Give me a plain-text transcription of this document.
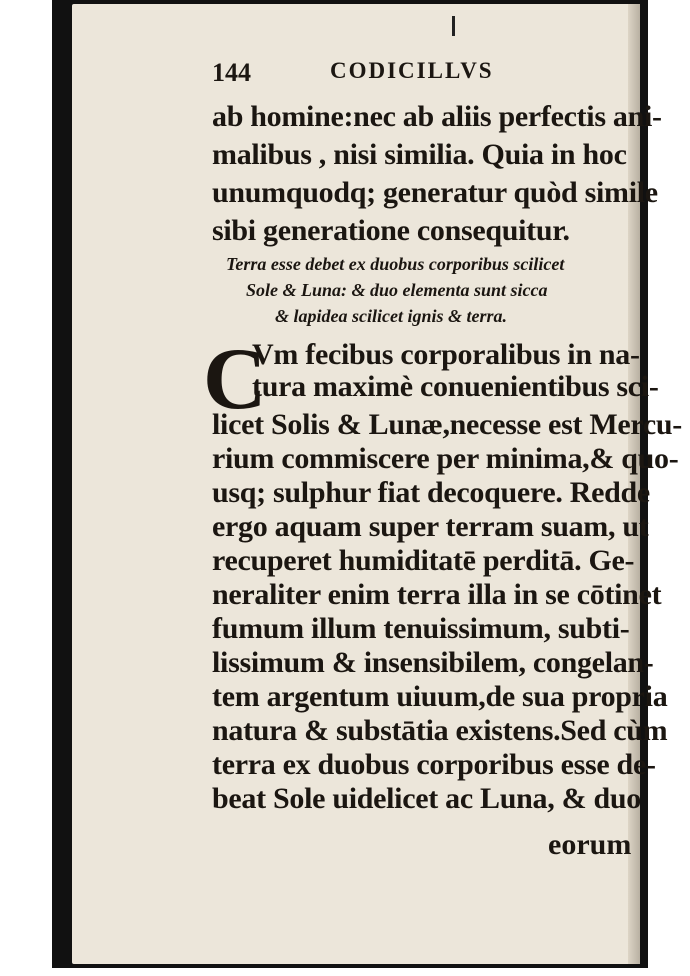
144	CODICILLVS
ab homine:nec ab aliis perfectis ani-
malibus , nisi similia. Quia in hoc
unumquodq; generatur quòd simile
sibi generatione consequitur.
Terra esse debet ex duobus corporibus scilicet
Sole & Luna: & duo elementa sunt sicca
& lapidea scilicet ignis & terra.
C
Vm fecibus corporalibus in na-
tura maximè conuenientibus sci-
licet Solis & Lunæ,necesse est Mercu-
rium commiscere per minima,& quo-
usq; sulphur fiat decoquere. Redde
ergo aquam super terram suam, ut
recuperet humiditatē perditā. Ge-
neraliter enim terra illa in se cōtinet
fumum illum tenuissimum, subti-
lissimum & insensibilem, congelan-
tem argentum uiuum,de sua propria
natura & substātia existens.Sed cùm
terra ex duobus corporibus esse de-
beat Sole uidelicet ac Luna, & duo
eorum
